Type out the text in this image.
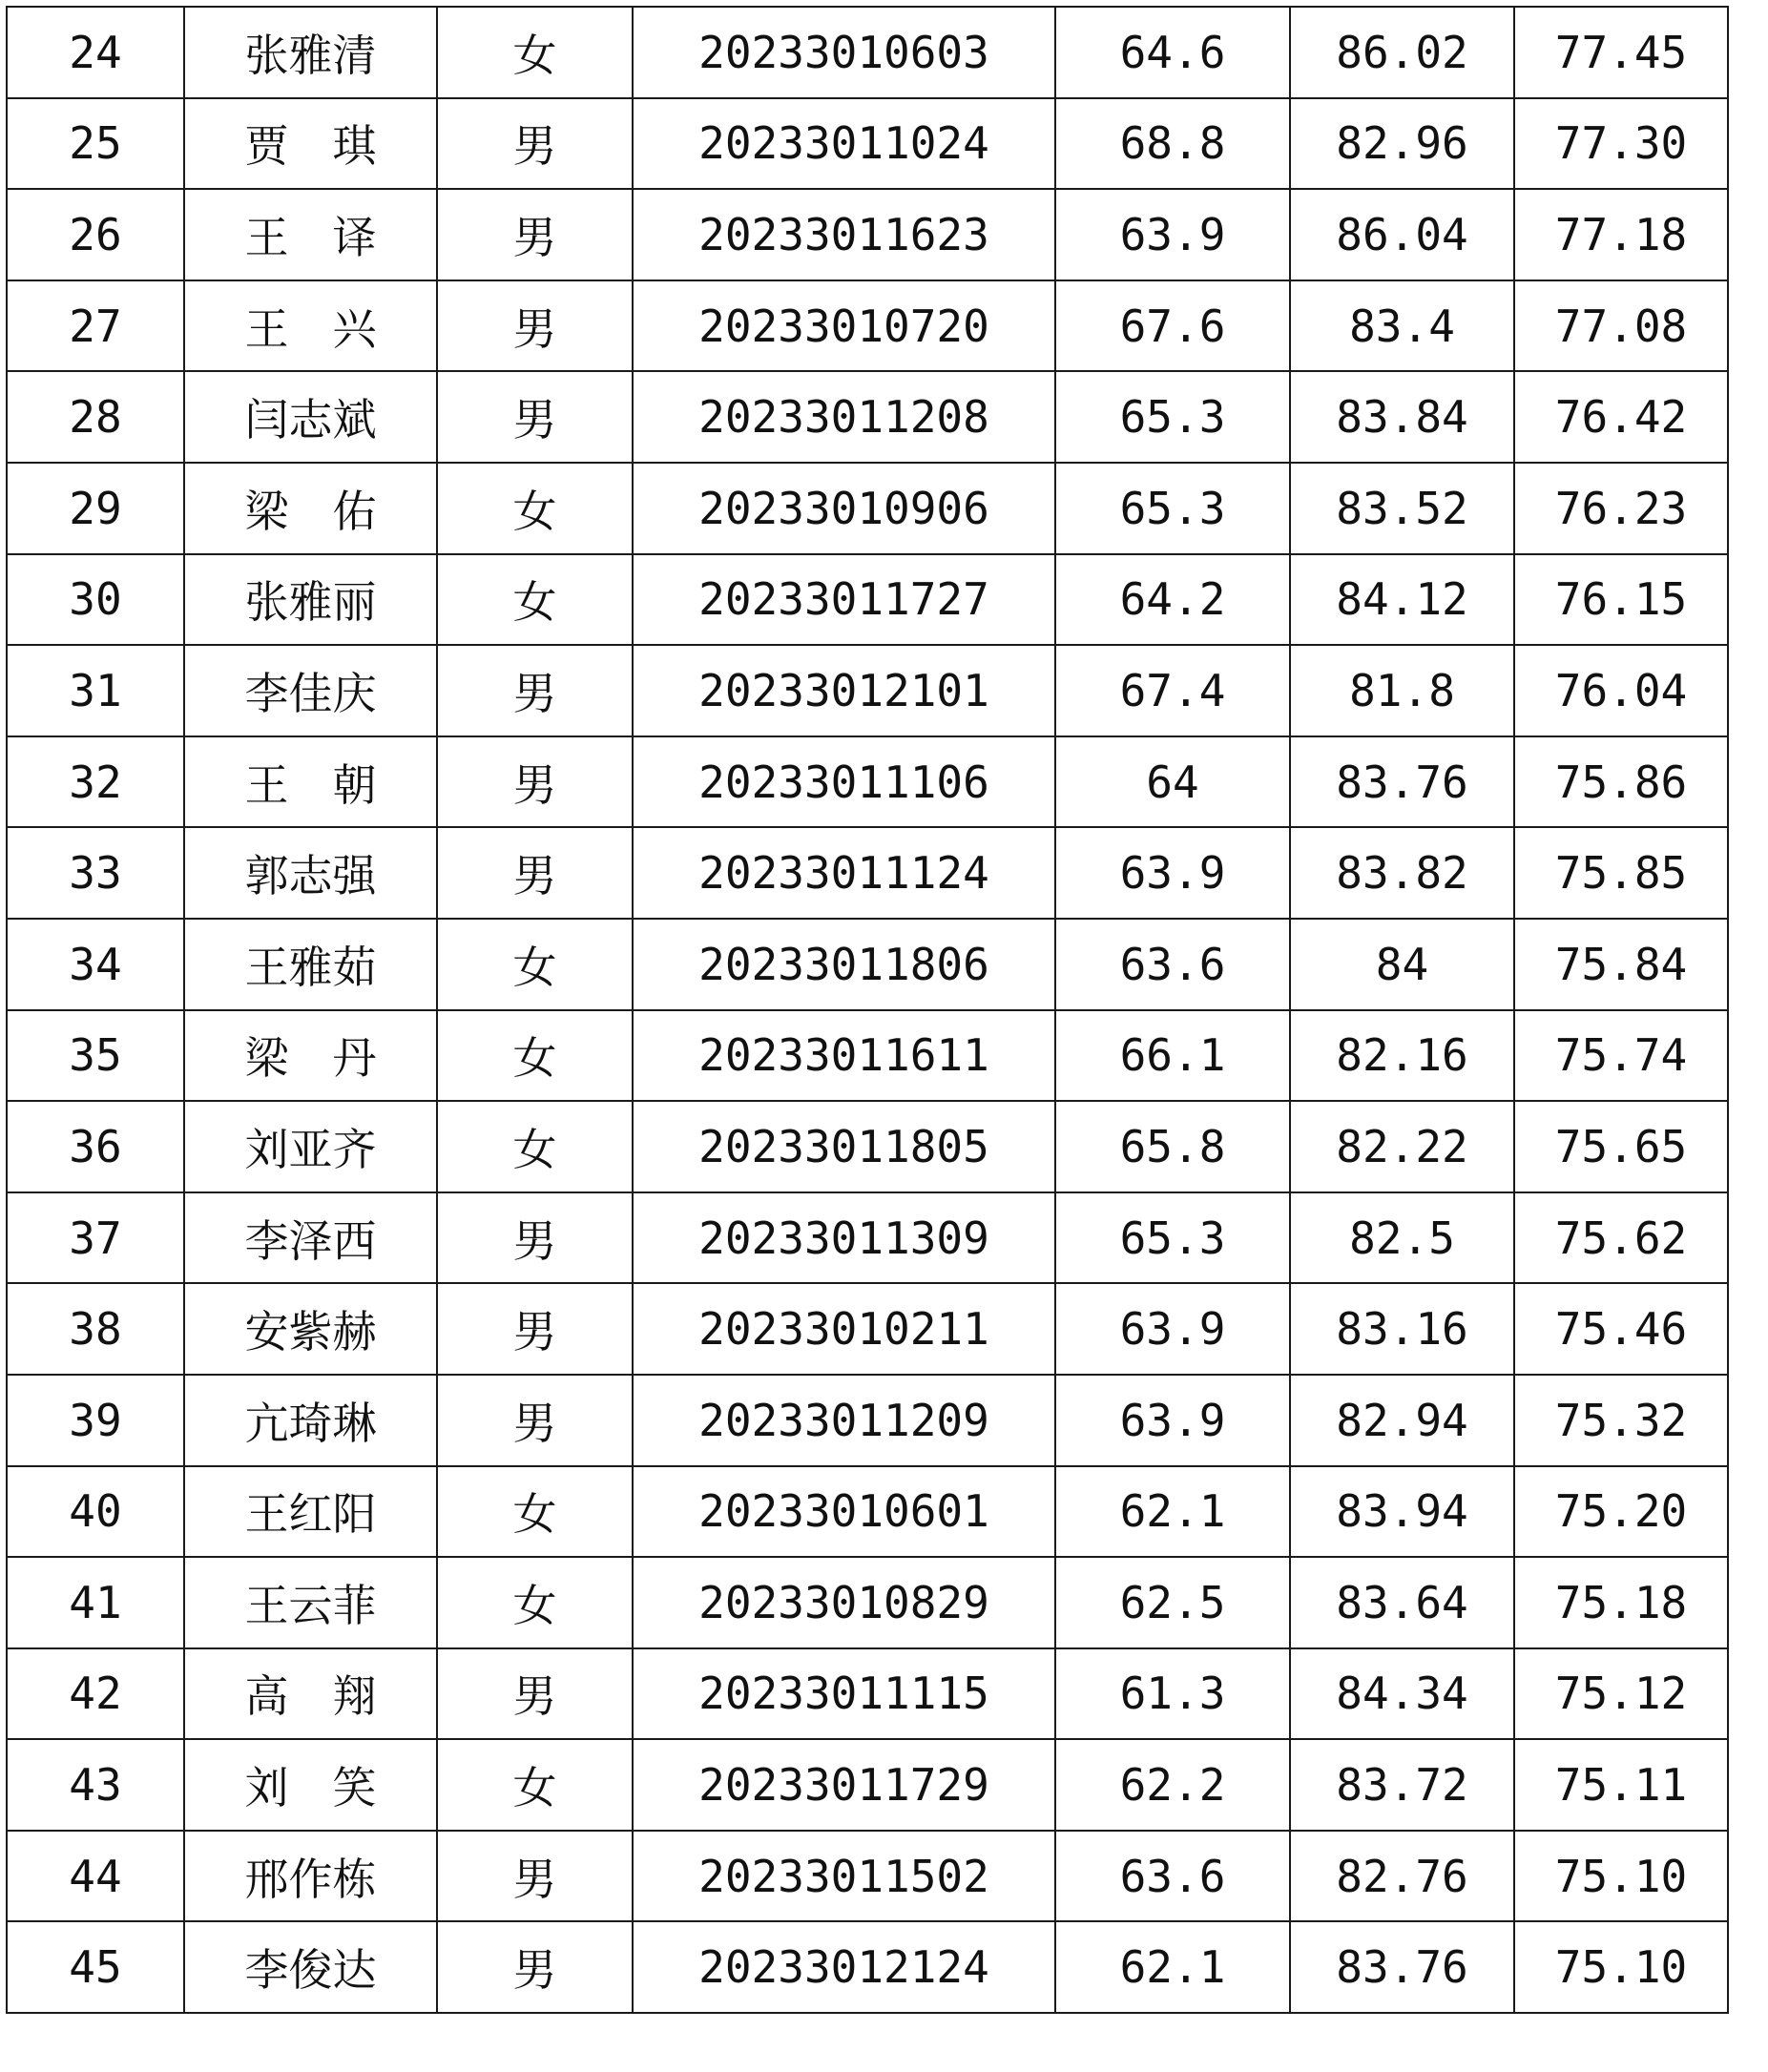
24	张雅清	女	20233010603	64.6	86.02	77.45
25	贾　琪	男	20233011024	68.8	82.96	77.30
26	王　译	男	20233011623	63.9	86.04	77.18
27	王　兴	男	20233010720	67.6	83.4	77.08
28	闫志斌	男	20233011208	65.3	83.84	76.42
29	梁　佑	女	20233010906	65.3	83.52	76.23
30	张雅丽	女	20233011727	64.2	84.12	76.15
31	李佳庆	男	20233012101	67.4	81.8	76.04
32	王　朝	男	20233011106	64	83.76	75.86
33	郭志强	男	20233011124	63.9	83.82	75.85
34	王雅茹	女	20233011806	63.6	84	75.84
35	梁　丹	女	20233011611	66.1	82.16	75.74
36	刘亚齐	女	20233011805	65.8	82.22	75.65
37	李泽西	男	20233011309	65.3	82.5	75.62
38	安紫赫	男	20233010211	63.9	83.16	75.46
39	亢琦琳	男	20233011209	63.9	82.94	75.32
40	王红阳	女	20233010601	62.1	83.94	75.20
41	王云菲	女	20233010829	62.5	83.64	75.18
42	高　翔	男	20233011115	61.3	84.34	75.12
43	刘　笑	女	20233011729	62.2	83.72	75.11
44	邢作栋	男	20233011502	63.6	82.76	75.10
45	李俊达	男	20233012124	62.1	83.76	75.10
